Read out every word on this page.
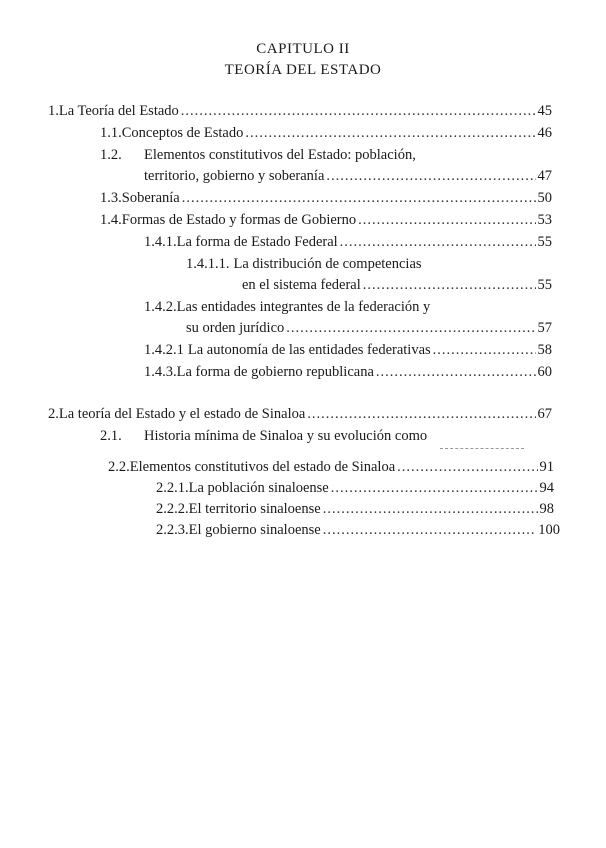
CAPITULO II
TEORÍA DEL ESTADO
1. La Teoría del Estado .....	45
1.1. Conceptos de Estado .....	46
1.2. Elementos constitutivos del Estado: población,
territorio, gobierno y soberanía .....	47
1.3. Soberanía .....	50
1.4. Formas de Estado y formas de Gobierno .....	53
1.4.1. La forma de Estado Federal .....	55
1.4.1.1. La distribución de competencias
en el sistema federal .....	55
1.4.2.Las entidades integrantes de la federación y
su orden jurídico .....	57
1.4.2.1 La autonomía de las entidades federativas .....	58
1.4.3. La forma de gobierno republicana .....	60
2. La teoría del Estado y el estado de Sinaloa .....	67
2.1. Historia mínima de Sinaloa y su evolución como
2.2. Elementos constitutivos del estado de Sinaloa .....	91
2.2.1. La población sinaloense .....	94
2.2.2. El territorio sinaloense .....	98
2.2.3. El gobierno sinaloense .....	100
